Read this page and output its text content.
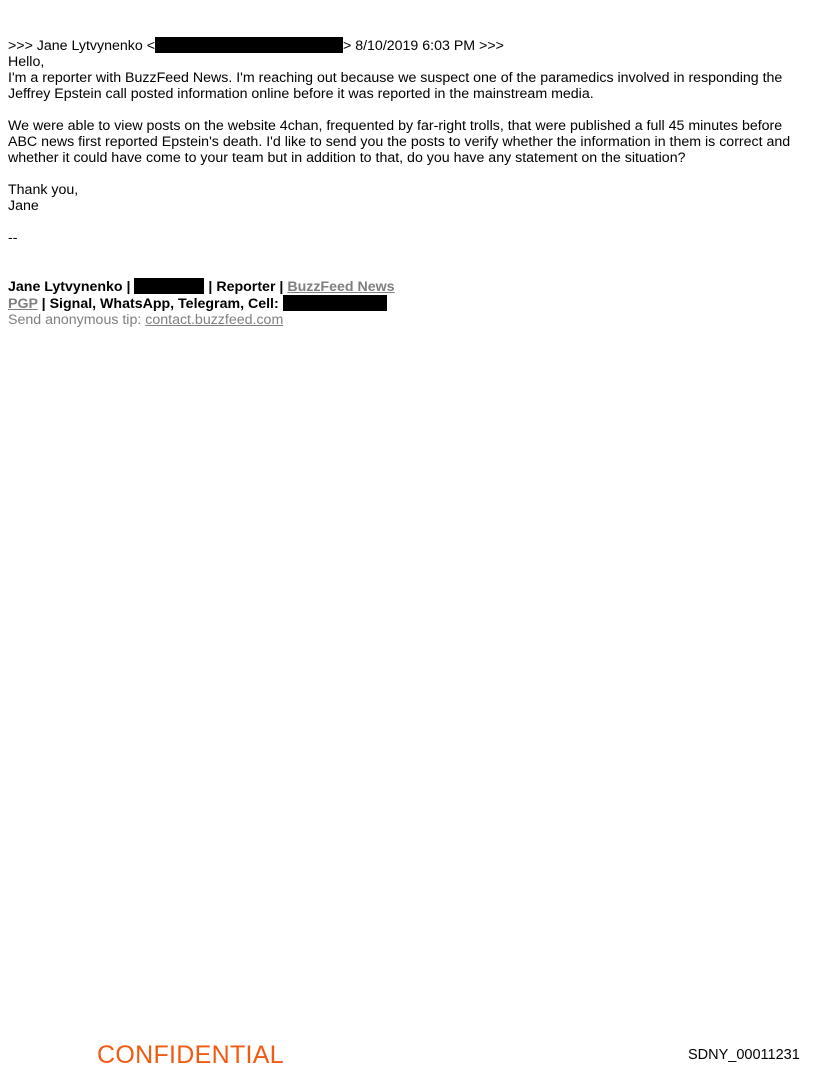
>>> Jane Lytvynenko <	> 8/10/2019 6:03 PM >>>
Hello,
I'm a reporter with BuzzFeed News. I'm reaching out because we suspect one of the paramedics involved in responding the Jeffrey Epstein call posted information online before it was reported in the mainstream media.
We were able to view posts on the website 4chan, frequented by far-right trolls, that were published a full 45 minutes before ABC news first reported Epstein's death. I'd like to send you the posts to verify whether the information in them is correct and whether it could have come to your team but in addition to that, do you have any statement on the situation?
Thank you,
Jane
--
Jane Lytvynenko |	| Reporter | BuzzFeed News
PGP | Signal, WhatsApp, Telegram, Cell:
Send anonymous tip: contact.buzzfeed.com
CONFIDENTIAL	SDNY_00011231
